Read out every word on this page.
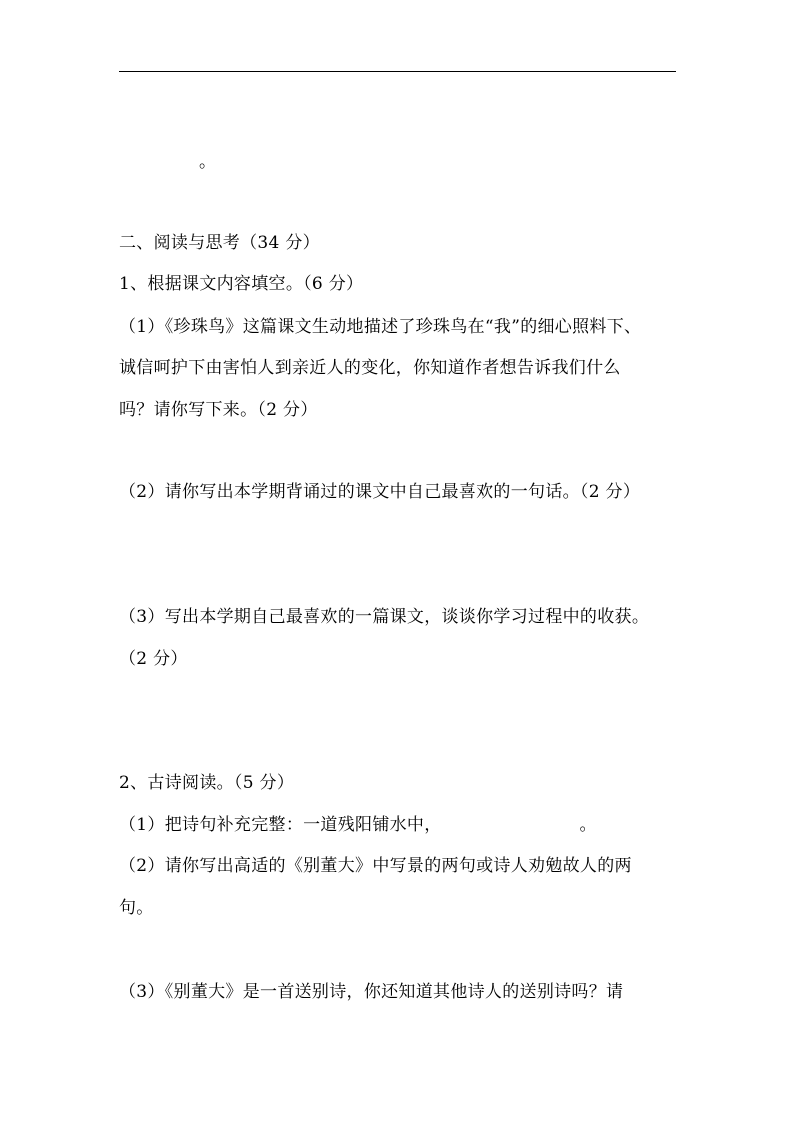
。
二、阅读与思考（34 分）
1、根据课文内容填空。（6 分）
（1）《珍珠鸟》这篇课文生动地描述了珍珠鸟在“我”的细心照料下、
诚信呵护下由害怕人到亲近人的变化，你知道作者想告诉我们什么
吗？请你写下来。（2 分）
（2）请你写出本学期背诵过的课文中自己最喜欢的一句话。（2 分）
（3）写出本学期自己最喜欢的一篇课文，谈谈你学习过程中的收获。
（2 分）
2、古诗阅读。（5 分）
（1）把诗句补充完整：一道残阳铺水中，	。
（2）请你写出高适的《别董大》中写景的两句或诗人劝勉故人的两
句。
（3）《别董大》是一首送别诗，你还知道其他诗人的送别诗吗？请
